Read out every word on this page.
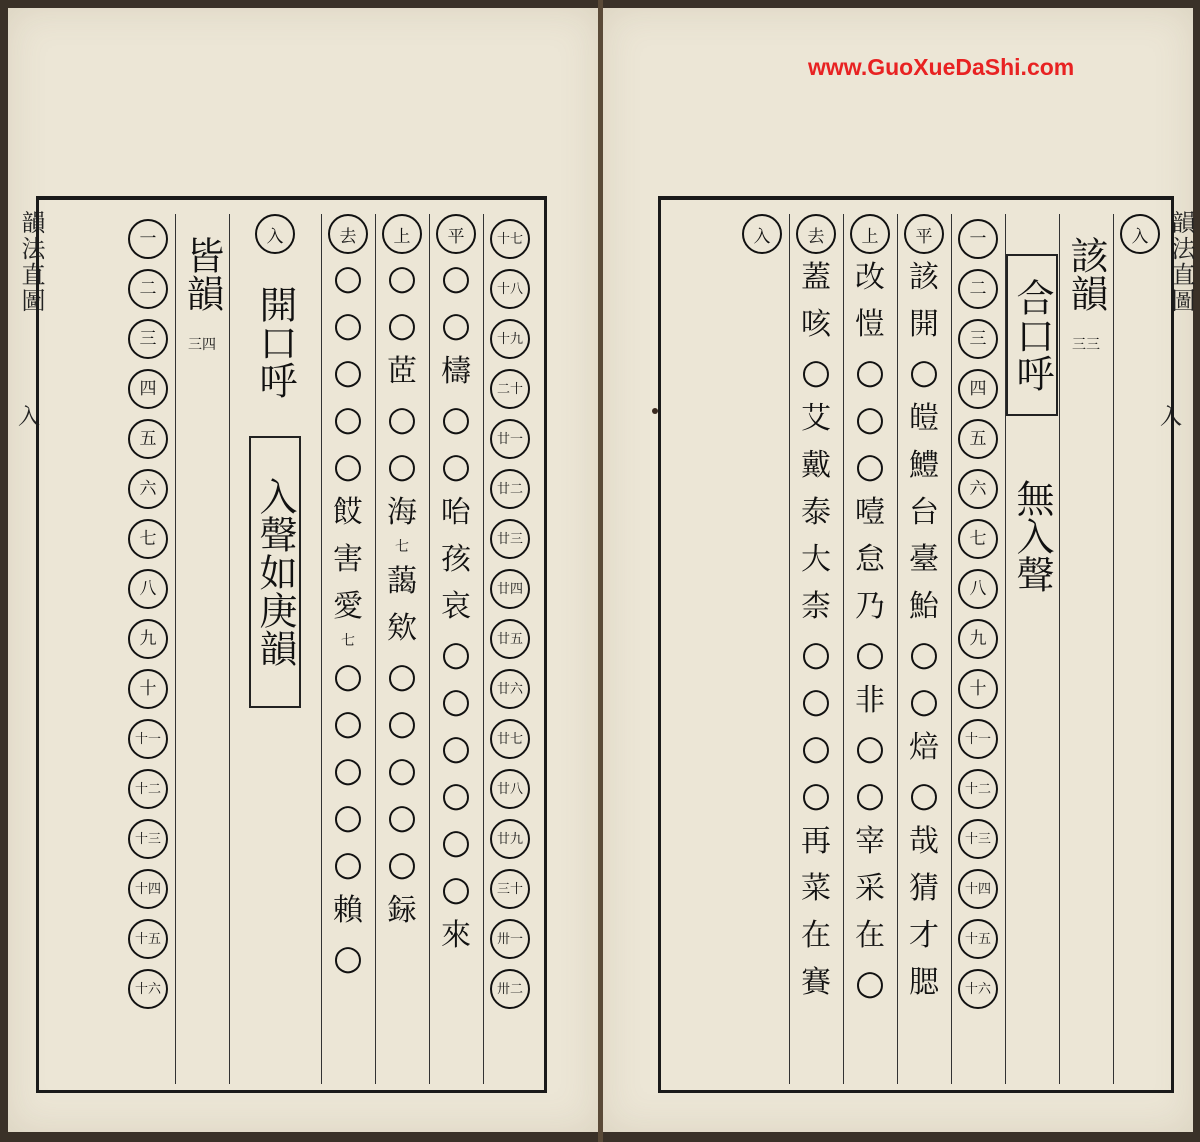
www.GuoXueDaShi.com
韻法直圖	韻法直圖
入	入
入
該韻
三三
合口呼
無入聲
一
二
三
四
五
六
七
八
九
十
十一
十二
十三
十四
十五
十六
平
該
開
○
皚
鱧
台
臺
鮐
○
○
焙
○
哉
猜
才
腮
上
改
愷
○
○
○
噎
怠
乃
○
非
○
○
宰
采
在
○
去
蓋
咳
○
艾
戴
泰
大
柰
○
○
○
○
再
菜
在
賽
入
十七
十八
十九
二十
廿一
廿二
廿三
廿四
廿五
廿六
廿七
廿八
廿九
三十
卅一
卅二
平
○
○
檮
○
○
咍
孩
哀
○
○
○
○
○
○
來
上
○
○
茝
○
○
海
七
藹
欸
○
○
○
○
○
銢
去
○
○
○
○
○
餀
害
愛
七
○
○
○
○
○
賴
○
入
開口呼
入聲如庚韻
皆韻
三四
一
二
三
四
五
六
七
八
九
十
十一
十二
十三
十四
十五
十六
